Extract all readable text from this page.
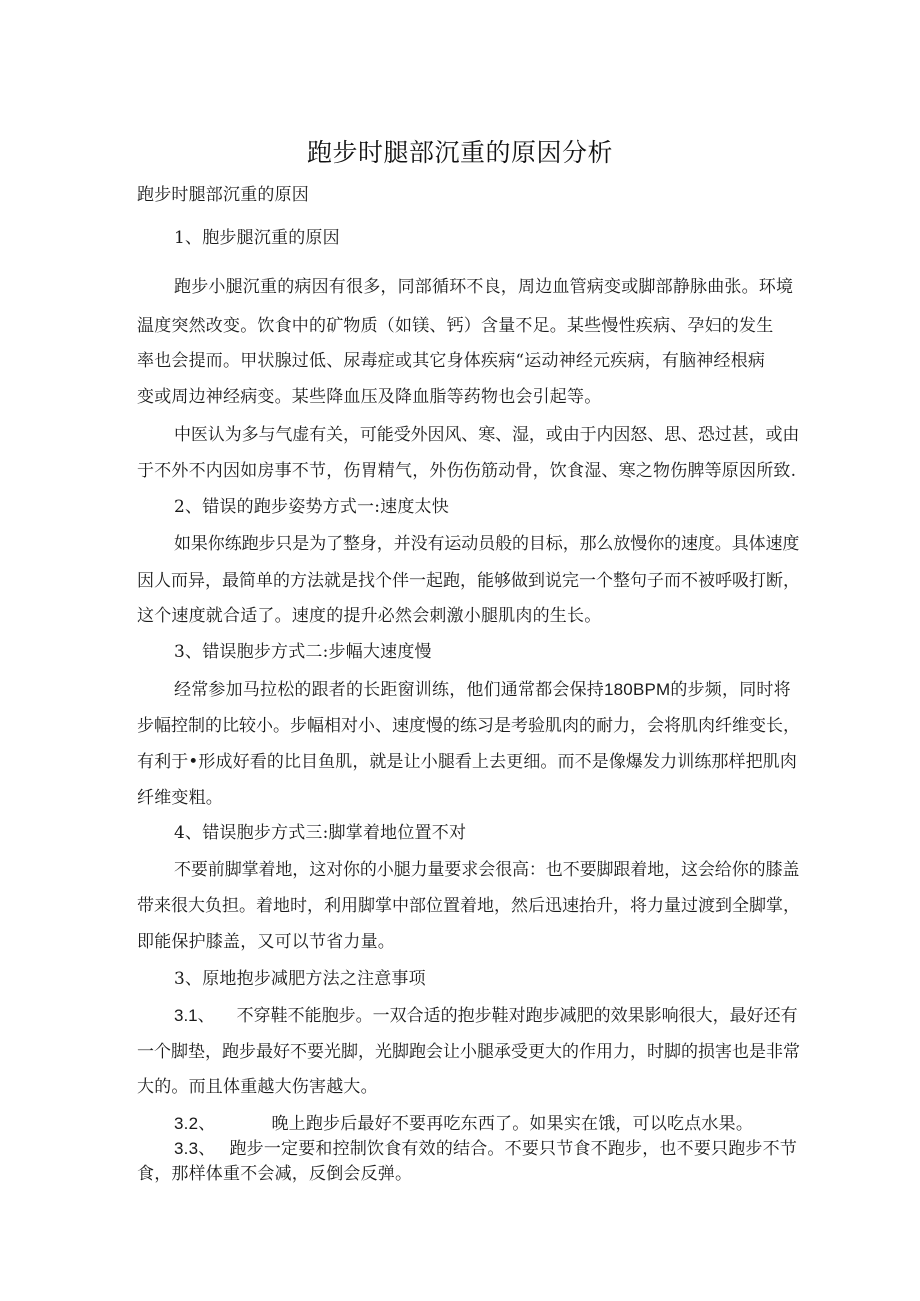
跑步时腿部沉重的原因分析
跑步时腿部沉重的原因
1、胞步腿沉重的原因
跑步小腿沉重的病因有很多，同部循环不良，周边血管病变或脚部静脉曲张。环境
温度突然改变。饮食中的矿物质（如镁、钙）含量不足。某些慢性疾病、孕妇的发生
率也会提而。甲状腺过低、尿毒症或其它身体疾病“运动神经元疾病，有脑神经根病
变或周边神经病变。某些降血压及降血脂等药物也会引起等。
中医认为多与气虚有关，可能受外因风、寒、湿，或由于内因怒、思、恐过甚，或由
于不外不内因如房事不节，伤胃精气，外伤伤筋动骨，饮食湿、寒之物伤脾等原因所致.
2、错误的跑步姿势方式一:速度太快
如果你练跑步只是为了整身，并没有运动员般的目标，那么放慢你的速度。具体速度
因人而异，最简单的方法就是找个伴一起跑，能够做到说完一个整句子而不被呼吸打断，
这个速度就合适了。速度的提升必然会刺激小腿肌肉的生长。
3、错误胞步方式二:步幅大速度慢
经常参加马拉松的跟者的长距窗训练，他们通常都会保持180BPM的步频，同时将
步幅控制的比较小。步幅相对小、速度慢的练习是考验肌肉的耐力，会将肌肉纤维变长，
有利于•形成好看的比目鱼肌，就是让小腿看上去更细。而不是像爆发力训练那样把肌肉
纤维变粗。
4、错误胞步方式三:脚掌着地位置不对
不要前脚掌着地，这对你的小腿力量要求会很高：也不要脚跟着地，这会给你的膝盖
带来很大负担。着地时，利用脚掌中部位置着地，然后迅速抬升，将力量过渡到全脚掌，
即能保护膝盖，又可以节省力量。
3、原地抱步减肥方法之注意事项
3.1、 不穿鞋不能胞步。一双合适的抱步鞋对跑步减肥的效果影响很大，最好还有
一个脚垫，跑步最好不要光脚，光脚跑会让小腿承受更大的作用力，时脚的损害也是非常
大的。而且体重越大伤害越大。
3.2、	晚上跑步后最好不要再吃东西了。如果实在饿，可以吃点水果。
3.3、 跑步一定要和控制饮食有效的结合。不要只节食不跑步，也不要只跑步不节
食，那样体重不会减，反倒会反弹。
